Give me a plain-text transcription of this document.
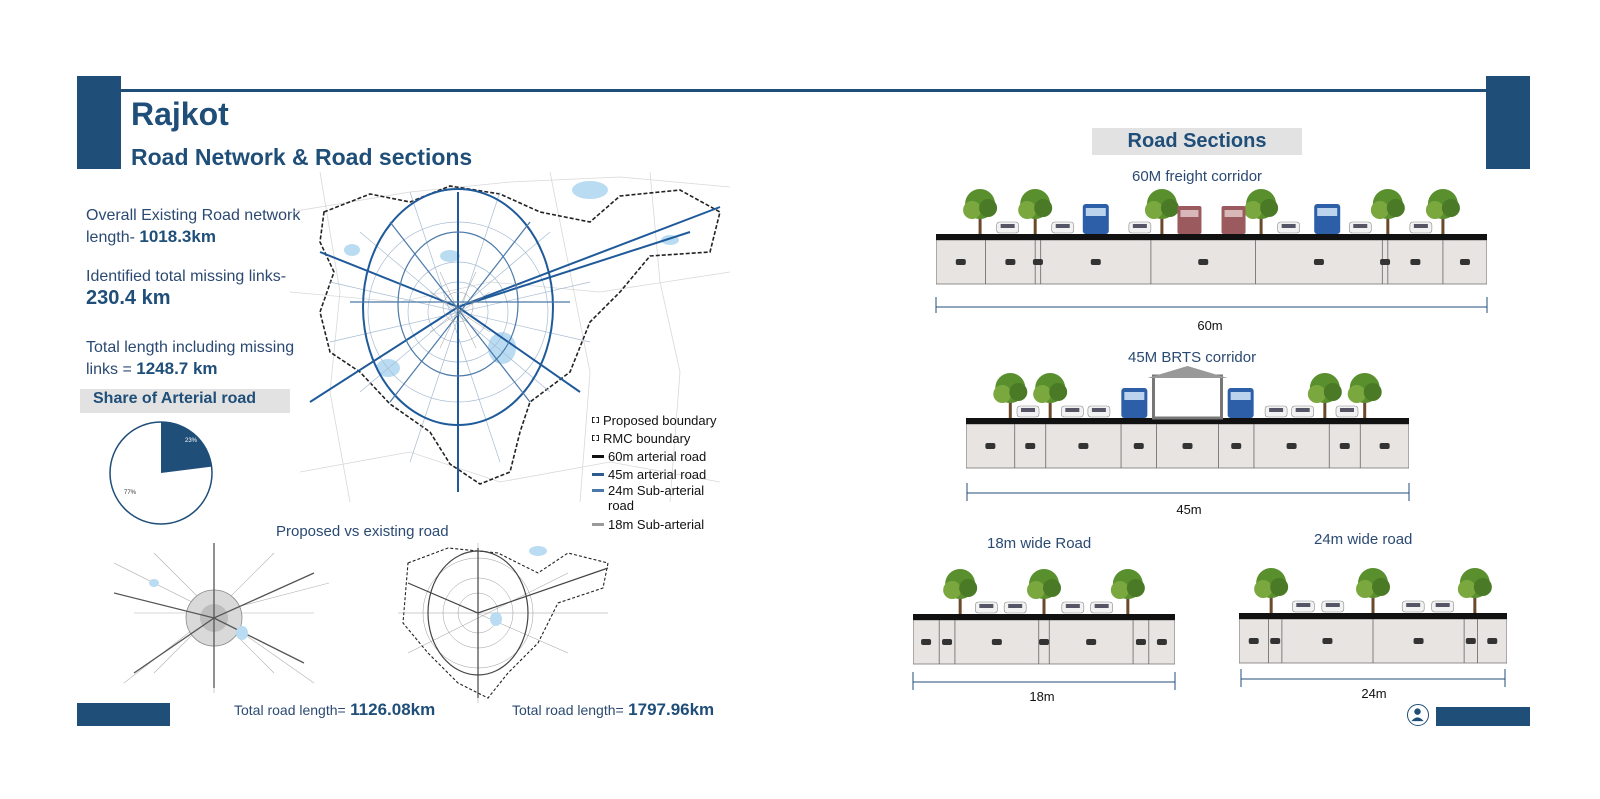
Rajkot
Road Network & Road sections
Overall Existing Road network length- 1018.3km
Identified total missing links-
230.4 km
Total length including missing links = 1248.7 km
Share of Arterial road
23%
77%
Proposed boundary
RMC boundary
60m arterial road
45m arterial road
24m Sub-arterial road
18m Sub-arterial
Proposed vs existing road
Total road length= 1126.08km	Total road length= 1797.96km
Road Sections
60M freight corridor
60m
45M BRTS corridor
45m
18m wide Road
18m
24m wide road
24m
